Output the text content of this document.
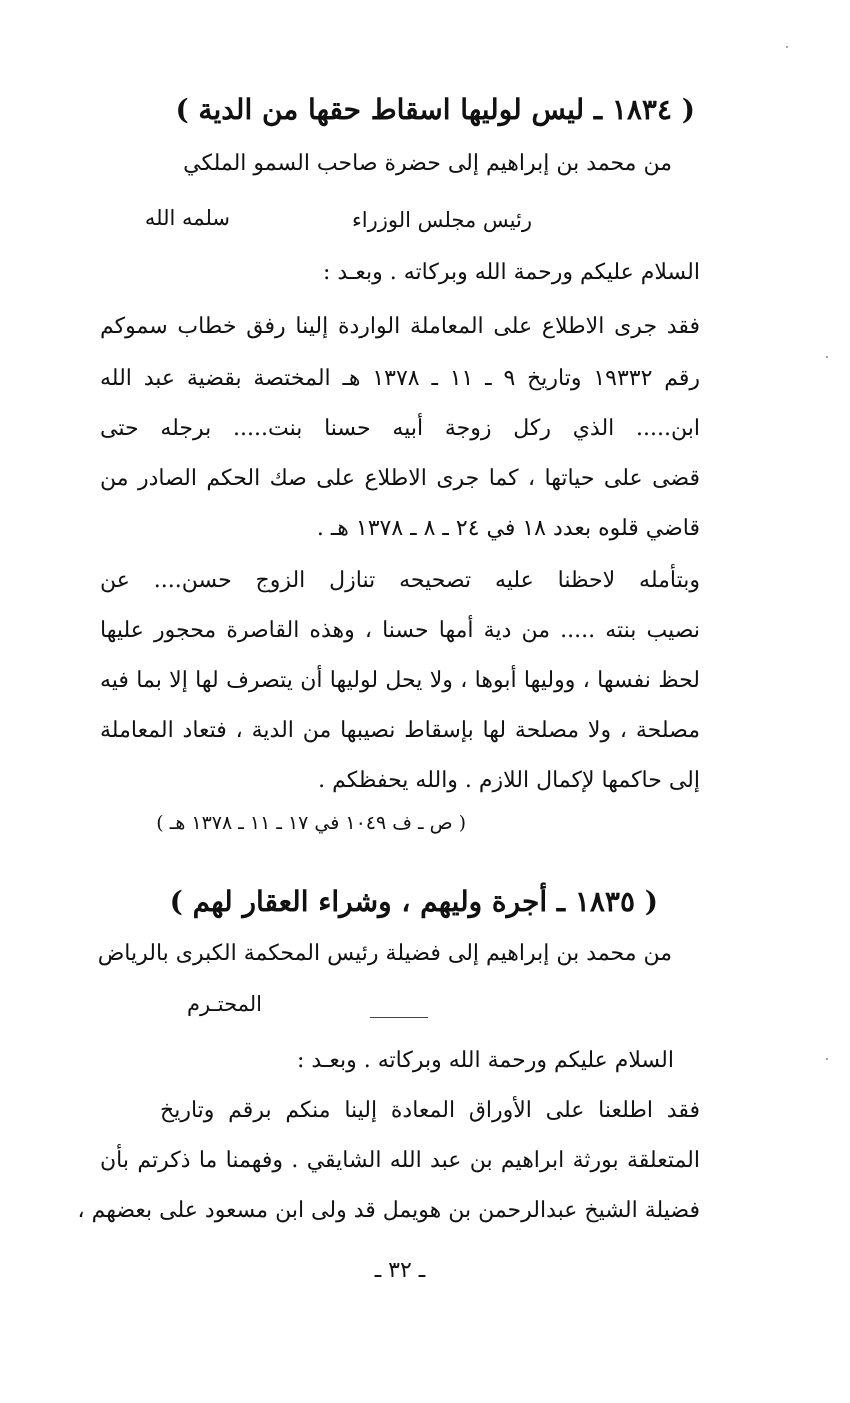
( ١٨٣٤ ـ ليس لوليها اسقاط حقها من الدية )
من محمد بن إبراهيم إلى حضرة صاحب السمو الملكي
رئيس مجلس الوزراء
سلمه الله
السلام عليكم ورحمة الله وبركاته . وبعـد :
فقد جرى الاطلاع على المعاملة الواردة إلينا رفق خطاب سموكم
رقم ١٩٣٣٢ وتاريخ ٩ ـ ١١ ـ ١٣٧٨ هـ المختصة بقضية عبد الله
ابن..... الذي ركل زوجة أبيه حسنا بنت..... برجله حتى
قضى على حياتها ، كما جرى الاطلاع على صك الحكم الصادر من
قاضي قلوه بعدد ١٨ في ٢٤ ـ ٨ ـ ١٣٧٨ هـ .
وبتأمله لاحظنا عليه تصحيحه تنازل الزوج حسن.... عن
نصيب بنته ..... من دية أمها حسنا ، وهذه القاصرة محجور عليها
لحظ نفسها ، ووليها أبوها ، ولا يحل لوليها أن يتصرف لها إلا بما فيه
مصلحة ، ولا مصلحة لها بإسقاط نصيبها من الدية ، فتعاد المعاملة
إلى حاكمها لإكمال اللازم . والله يحفظكم .
( ص ـ ف ١٠٤٩ في ١٧ ـ ١١ ـ ١٣٧٨ هـ )
( ١٨٣٥ ـ أجرة وليهم ، وشراء العقار لهم )
من محمد بن إبراهيم إلى فضيلة رئيس المحكمة الكبرى بالرياض
المحتـرم
السلام عليكم ورحمة الله وبركاته . وبعـد :
فقد اطلعنا على الأوراق المعادة إلينا منكم برقم وتاريخ
المتعلقة بورثة ابراهيم بن عبد الله الشايقي . وفهمنا ما ذكرتم بأن
فضيلة الشيخ عبدالرحمن بن هويمل قد ولى ابن مسعود على بعضهم ،
ـ ٣٢ ـ
